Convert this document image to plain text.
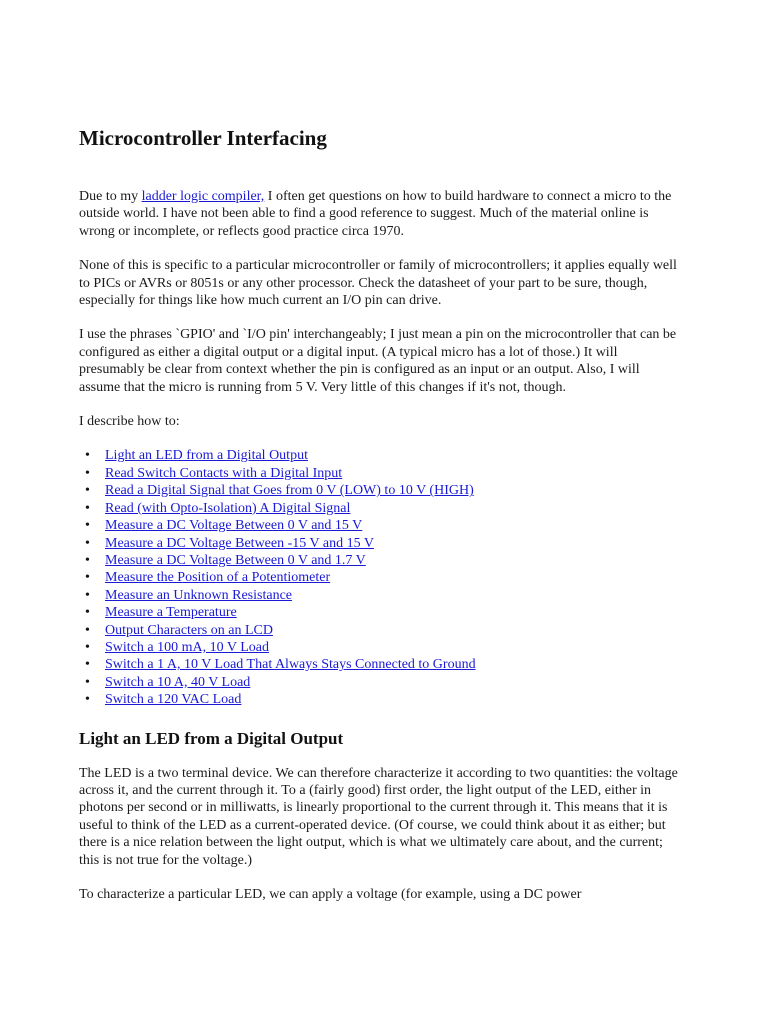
Microcontroller Interfacing

Due to my ladder logic compiler, I often get questions on how to build hardware to connect a micro to the outside world. I have not been able to find a good reference to suggest. Much of the material online is wrong or incomplete, or reflects good practice circa 1970.

None of this is specific to a particular microcontroller or family of microcontrollers; it applies equally well to PICs or AVRs or 8051s or any other processor. Check the datasheet of your part to be sure, though, especially for things like how much current an I/O pin can drive.

I use the phrases `GPIO' and `I/O pin' interchangeably; I just mean a pin on the microcontroller that can be configured as either a digital output or a digital input. (A typical micro has a lot of those.) It will presumably be clear from context whether the pin is configured as an input or an output. Also, I will assume that the micro is running from 5 V. Very little of this changes if it's not, though.

I describe how to:

• Light an LED from a Digital Output
• Read Switch Contacts with a Digital Input
• Read a Digital Signal that Goes from 0 V (LOW) to 10 V (HIGH)
• Read (with Opto-Isolation) A Digital Signal
• Measure a DC Voltage Between 0 V and 15 V
• Measure a DC Voltage Between -15 V and 15 V
• Measure a DC Voltage Between 0 V and 1.7 V
• Measure the Position of a Potentiometer
• Measure an Unknown Resistance
• Measure a Temperature
• Output Characters on an LCD
• Switch a 100 mA, 10 V Load
• Switch a 1 A, 10 V Load That Always Stays Connected to Ground
• Switch a 10 A, 40 V Load
• Switch a 120 VAC Load
Light an LED from a Digital Output

The LED is a two terminal device. We can therefore characterize it according to two quantities: the voltage across it, and the current through it. To a (fairly good) first order, the light output of the LED, either in photons per second or in milliwatts, is linearly proportional to the current through it. This means that it is useful to think of the LED as a current-operated device. (Of course, we could think about it as either; but there is a nice relation between the light output, which is what we ultimately care about, and the current; this is not true for the voltage.)

To characterize a particular LED, we can apply a voltage (for example, using a DC power
